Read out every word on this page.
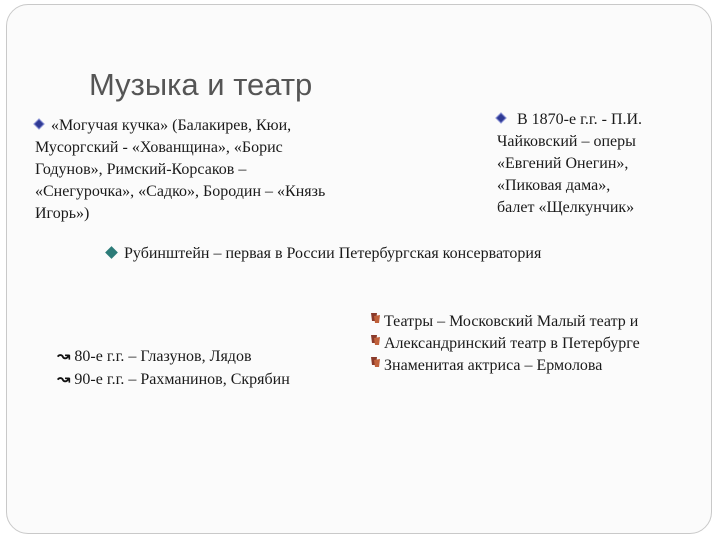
Музыка и театр
«Могучая кучка» (Балакирев, Кюи,
Мусоргский - «Хованщина», «Борис
Годунов», Римский-Корсаков –
«Снегурочка», «Садко», Бородин – «Князь
Игорь»)
В 1870-е г.г. - П.И.
Чайковский – оперы
«Евгений Онегин»,
«Пиковая дама»,
балет «Щелкунчик»
Рубинштейн – первая в России Петербургская консерватория
↝ 80-е г.г. – Глазунов, Лядов
↝ 90-е г.г. – Рахманинов, Скрябин
Театры – Московский Малый театр и
Александринский театр в Петербурге
Знаменитая актриса – Ермолова
